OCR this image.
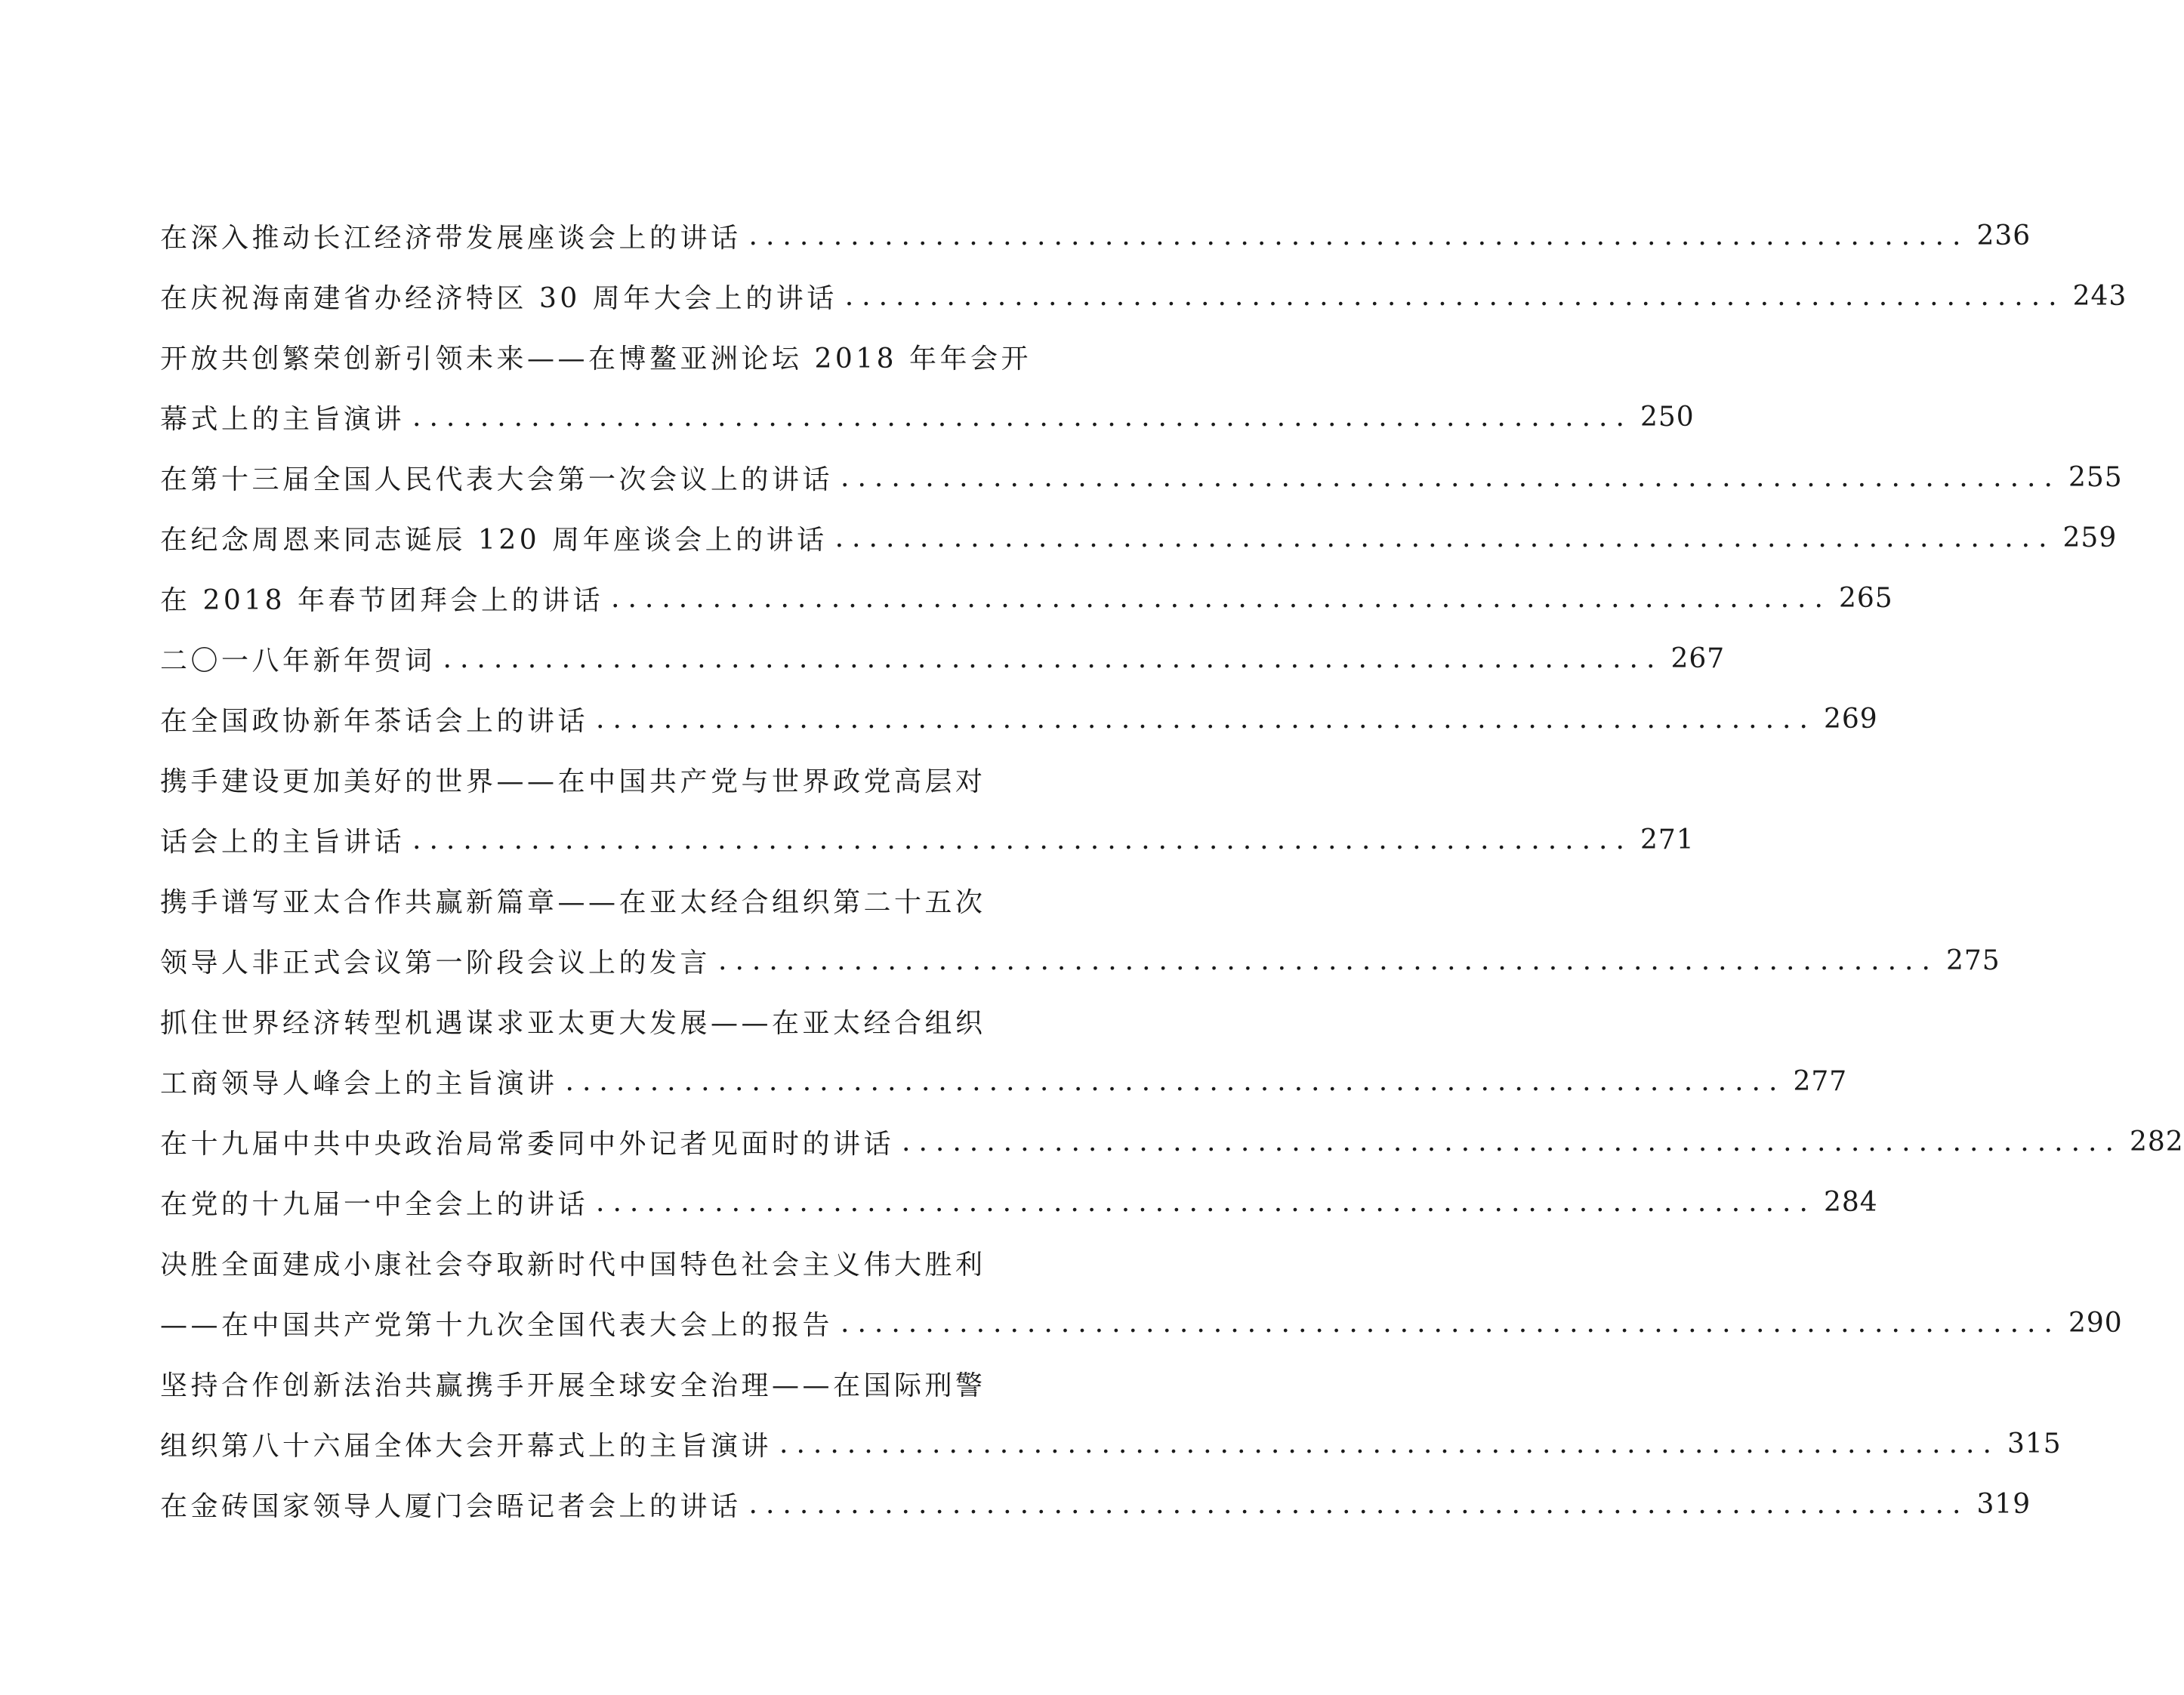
在深入推动长江经济带发展座谈会上的讲话 ........................................................................ 236
在庆祝海南建省办经济特区 30 周年大会上的讲话 ........................................................................ 243
开放共创繁荣创新引领未来——在博鳌亚洲论坛 2018 年年会开
幕式上的主旨演讲 ........................................................................ 250
在第十三届全国人民代表大会第一次会议上的讲话 ........................................................................ 255
在纪念周恩来同志诞辰 120 周年座谈会上的讲话 ........................................................................ 259
在 2018 年春节团拜会上的讲话 ........................................................................ 265
二〇一八年新年贺词 ........................................................................ 267
在全国政协新年茶话会上的讲话 ........................................................................ 269
携手建设更加美好的世界——在中国共产党与世界政党高层对
话会上的主旨讲话 ........................................................................ 271
携手谱写亚太合作共赢新篇章——在亚太经合组织第二十五次
领导人非正式会议第一阶段会议上的发言 ........................................................................ 275
抓住世界经济转型机遇谋求亚太更大发展——在亚太经合组织
工商领导人峰会上的主旨演讲 ........................................................................ 277
在十九届中共中央政治局常委同中外记者见面时的讲话 ........................................................................ 282
在党的十九届一中全会上的讲话 ........................................................................ 284
决胜全面建成小康社会夺取新时代中国特色社会主义伟大胜利
——在中国共产党第十九次全国代表大会上的报告 ........................................................................ 290
坚持合作创新法治共赢携手开展全球安全治理——在国际刑警
组织第八十六届全体大会开幕式上的主旨演讲 ........................................................................ 315
在金砖国家领导人厦门会晤记者会上的讲话 ........................................................................ 319
